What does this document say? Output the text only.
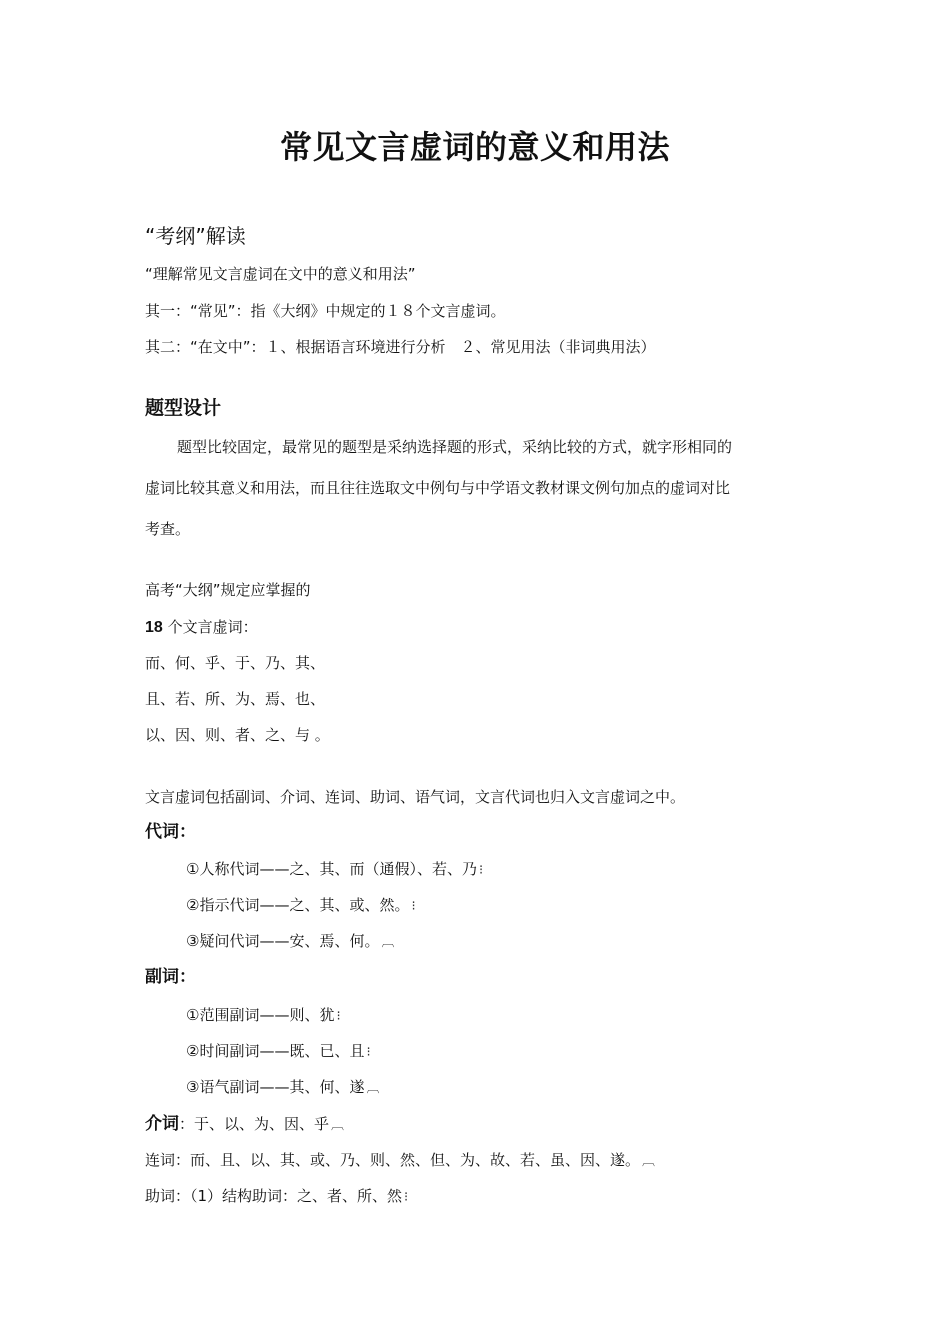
常见文言虚词的意义和用法
“考纲”解读
“理解常见文言虚词在文中的意义和用法”
其一：“常见”：指《大纲》中规定的１８个文言虚词。
其二：“在文中”：１、根据语言环境进行分析　２、常见用法（非词典用法）
题型设计
题型比较固定，最常见的题型是采纳选择题的形式，采纳比较的方式，就字形相同的
虚词比较其意义和用法，而且往往选取文中例句与中学语文教材课文例句加点的虚词对比
考查。
高考“大纲”规定应掌握的
18 个文言虚词：
而、何、乎、于、乃、其、
且、若、所、为、焉、也、
以、因、则、者、之、与 。
文言虚词包括副词、介词、连词、助词、语气词，文言代词也归入文言虚词之中。
代词：
①人称代词——之、其、而（通假）、若、乃 ⁝
②指示代词——之、其、或、然。 ⁝
③疑问代词——安、焉、何。 ︹
副词：
①范围副词——则、犹 ⁝
②时间副词——既、已、且 ⁝
③语气副词——其、何、遂 ︹
介词：于、以、为、因、乎 ︹
连词：而、且、以、其、或、乃、则、然、但、为、故、若、虽、因、遂。 ︹
助词：（1）结构助词：之、者、所、然 ⁝
